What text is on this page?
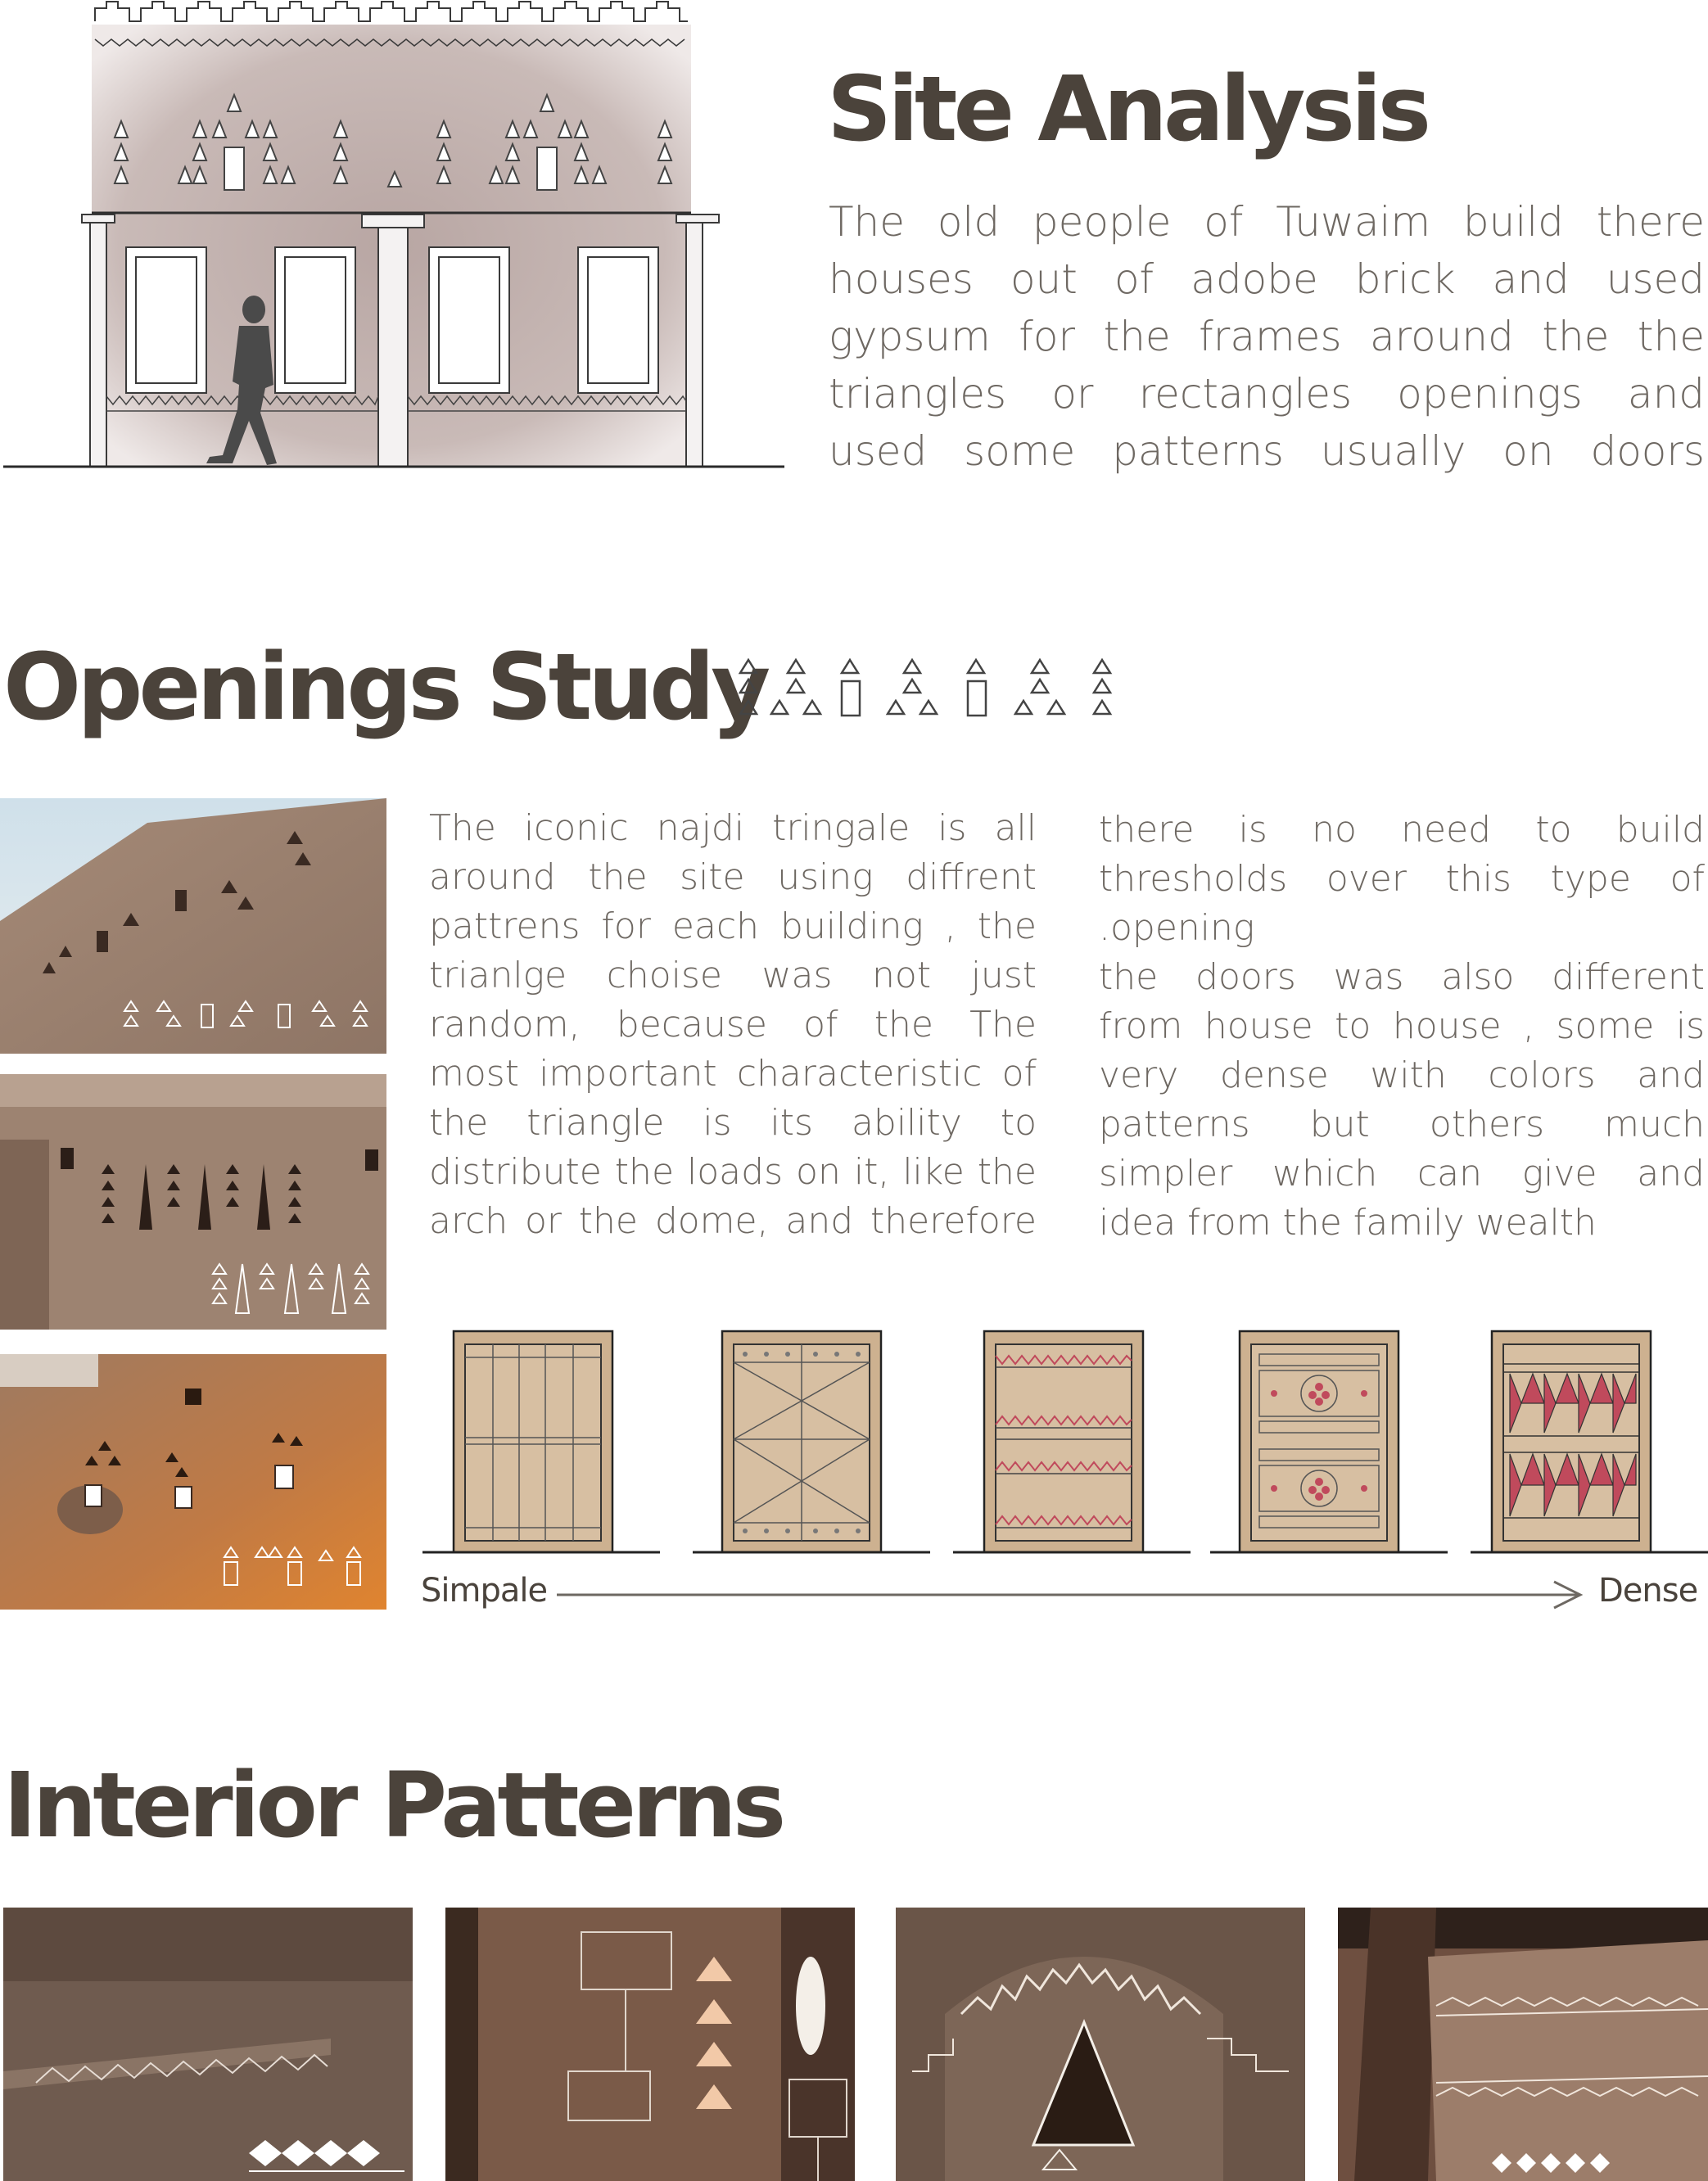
Site Analysis

The old people of Tuwaim build there

houses out of adobe brick and used

gypsum for the frames around the the

triangles or rectangles openings and

used some patterns usually on doors

Openings Study

The iconic najdi tringale is all

around the site using diffrent

pattrens for each building , the

trianlge choise was not just

random, because of the The

most important characteristic of

the triangle is its ability to

distribute the loads on it, like the

arch or the dome, and therefore

there is no need to build

thresholds over this type of

.opening

the doors was also different

from house to house , some is

very dense with colors and

patterns but others much

simpler which can give and

idea from the family wealth

Simpale	Dense
Interior Patterns
